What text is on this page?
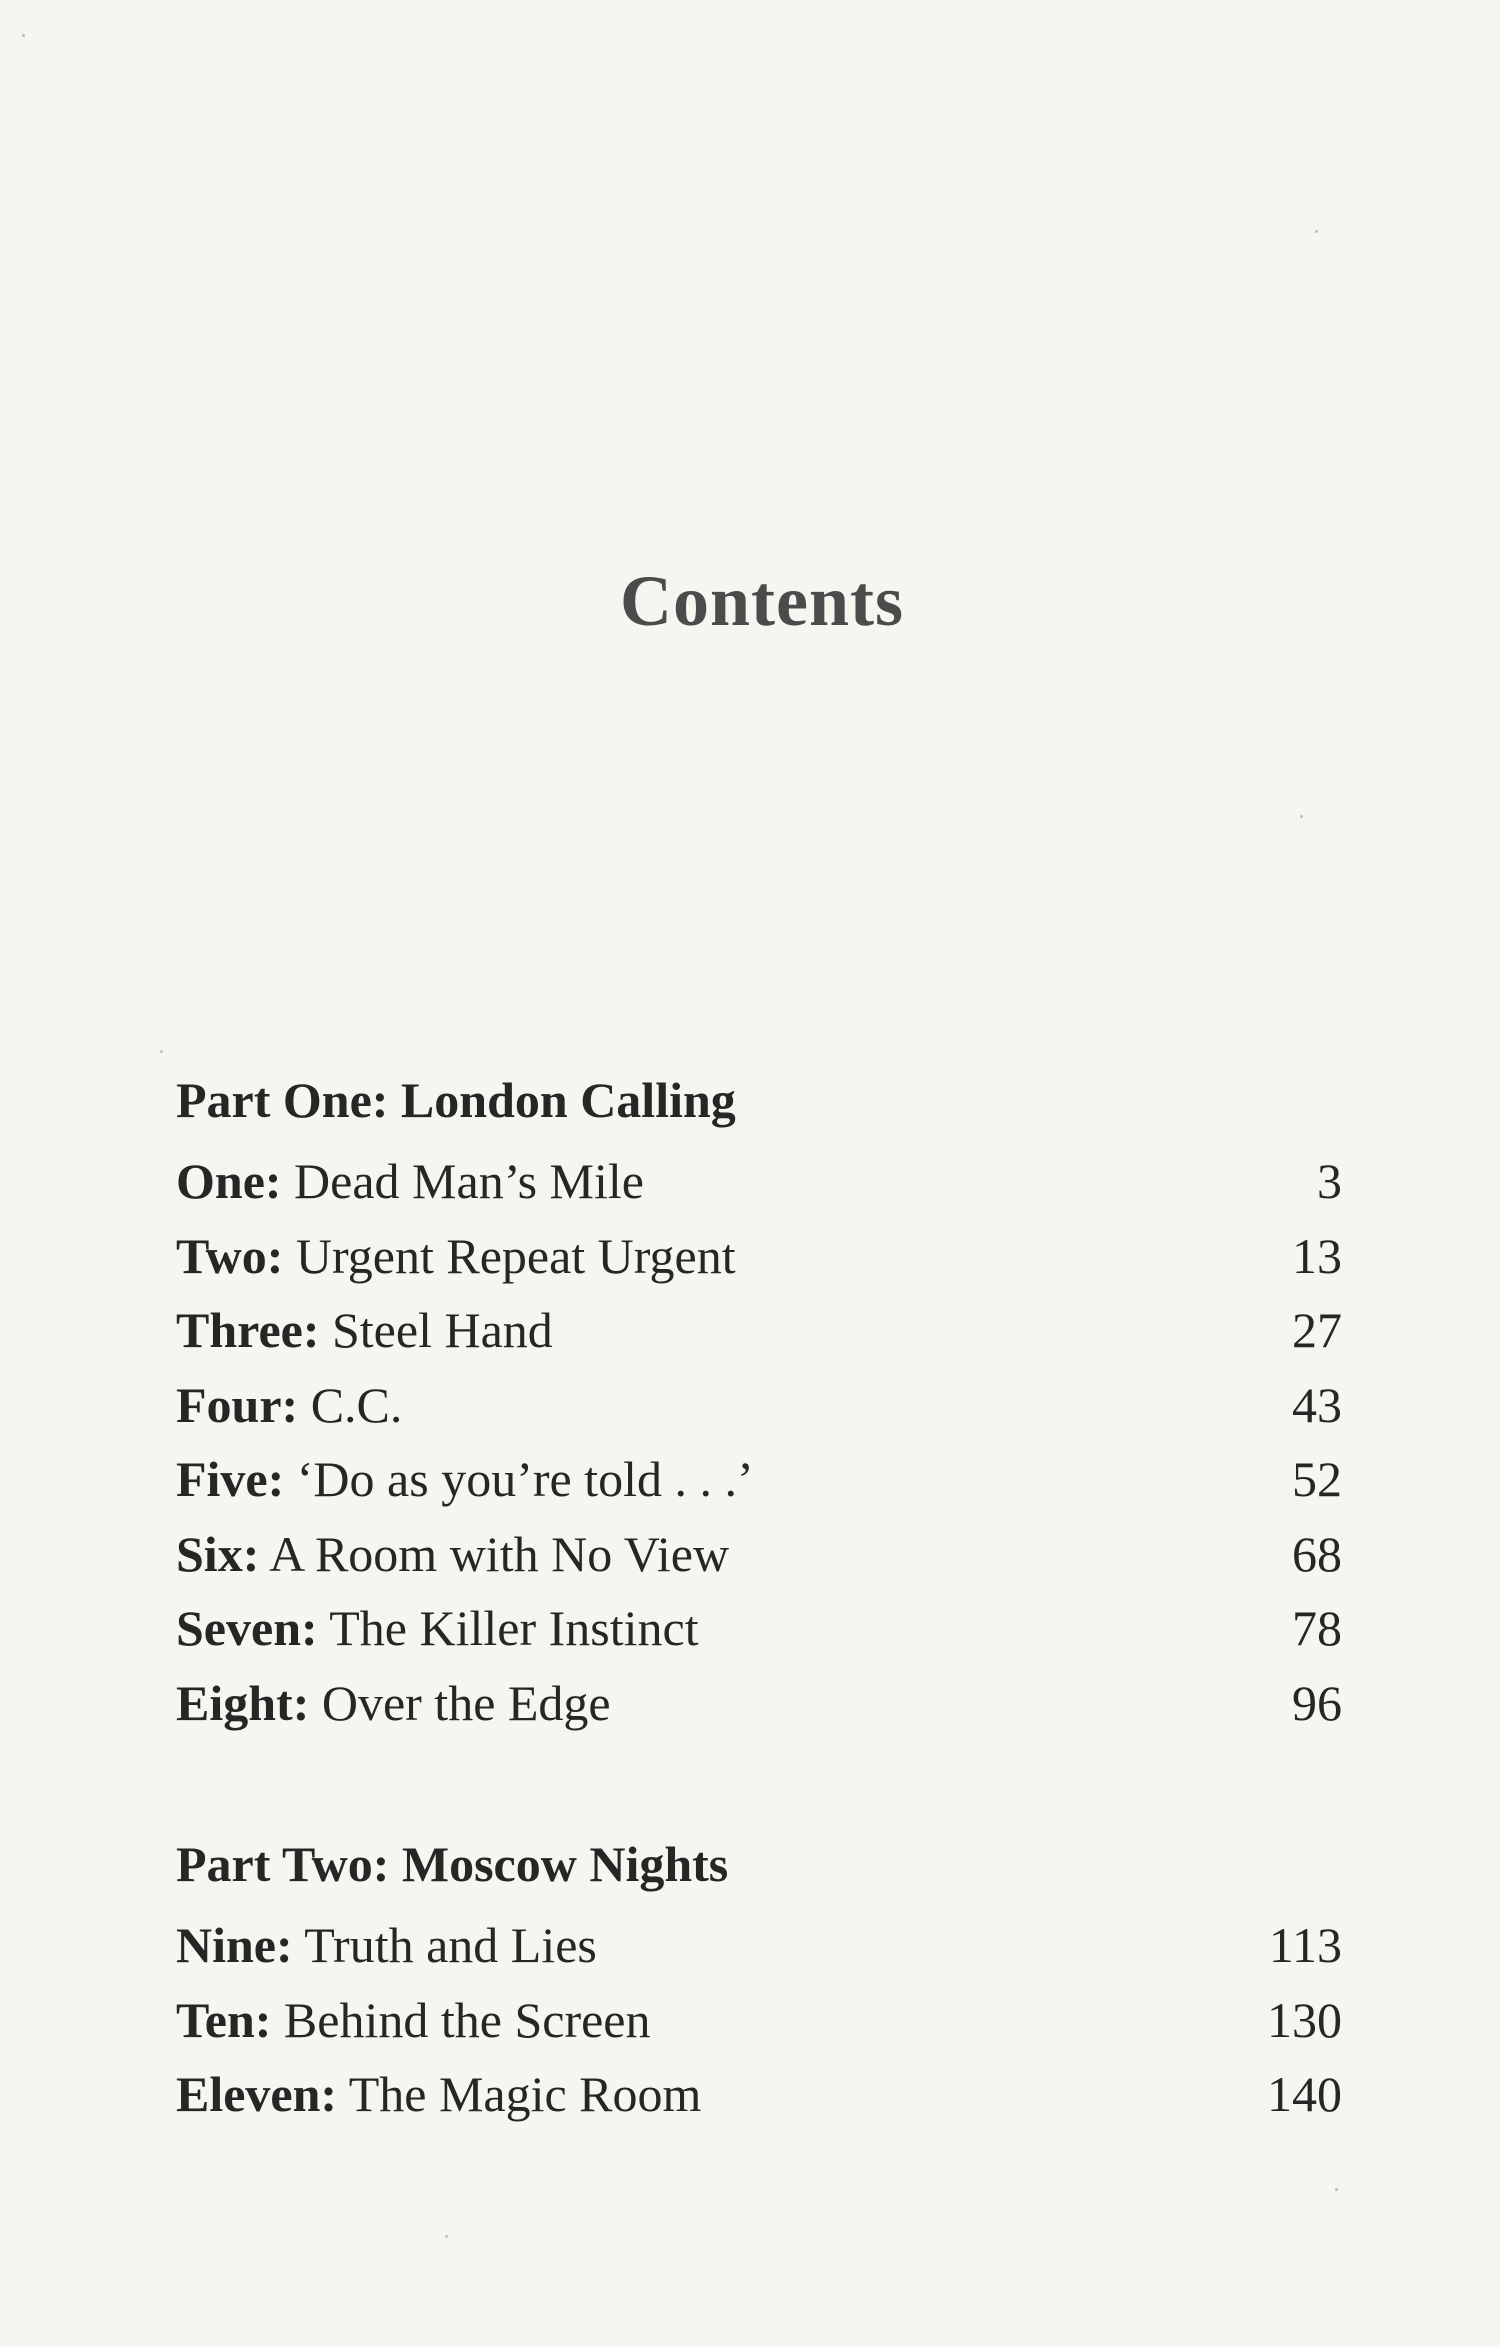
Contents
Part One: London Calling
One: Dead Man’s Mile	3
Two: Urgent Repeat Urgent	13
Three: Steel Hand	27
Four: C.C.	43
Five: ‘Do as you’re told . . .’	52
Six: A Room with No View	68
Seven: The Killer Instinct	78
Eight: Over the Edge	96
Part Two: Moscow Nights
Nine: Truth and Lies	113
Ten: Behind the Screen	130
Eleven: The Magic Room	140
